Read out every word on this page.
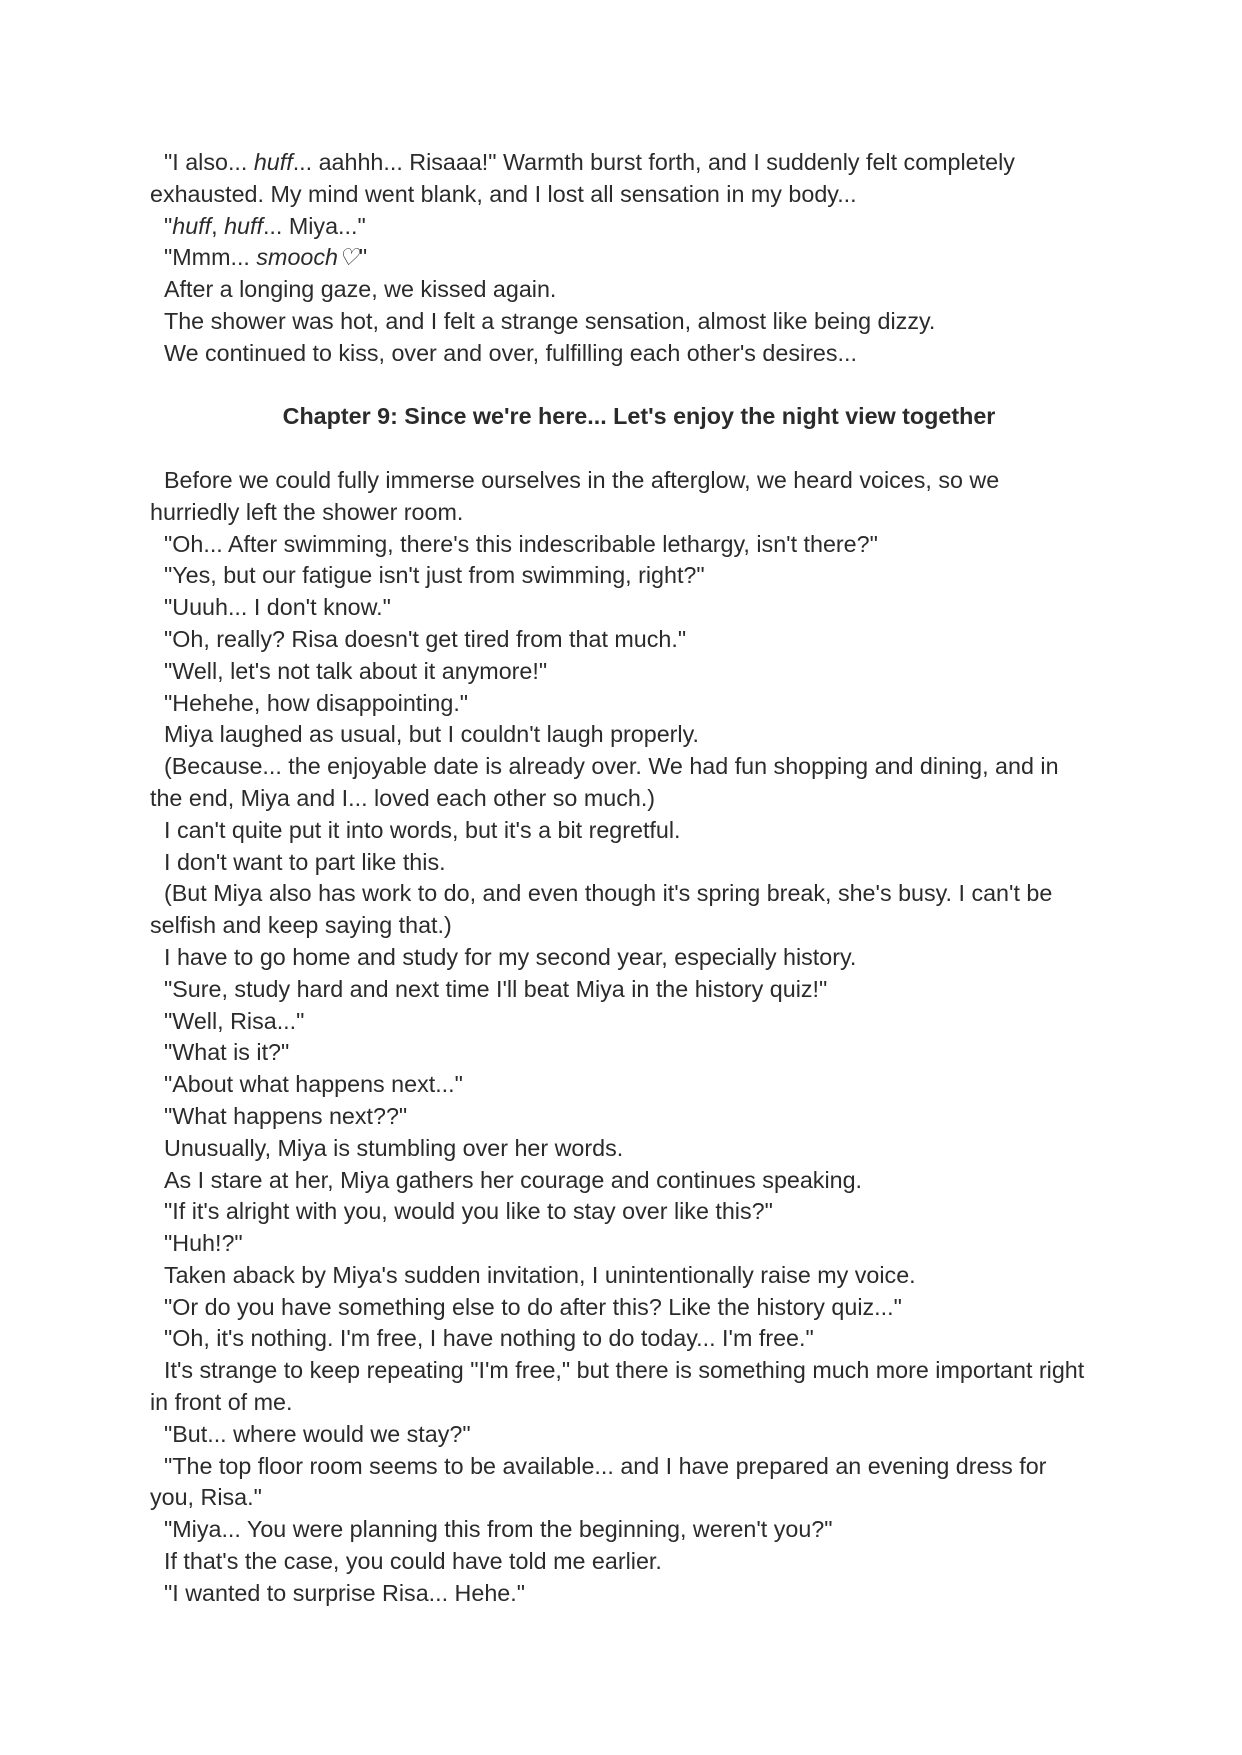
"I also... huff... aahhh... Risaaa!" Warmth burst forth, and I suddenly felt completely exhausted. My mind went blank, and I lost all sensation in my body...

"huff, huff... Miya..."

"Mmm... smooch♡"

After a longing gaze, we kissed again.

The shower was hot, and I felt a strange sensation, almost like being dizzy.

We continued to kiss, over and over, fulfilling each other's desires...

Chapter 9: Since we're here... Let's enjoy the night view together

Before we could fully immerse ourselves in the afterglow, we heard voices, so we hurriedly left the shower room.

"Oh... After swimming, there's this indescribable lethargy, isn't there?"

"Yes, but our fatigue isn't just from swimming, right?"

"Uuuh... I don't know."

"Oh, really? Risa doesn't get tired from that much."

"Well, let's not talk about it anymore!"

"Hehehe, how disappointing."

Miya laughed as usual, but I couldn't laugh properly.

(Because... the enjoyable date is already over. We had fun shopping and dining, and in the end, Miya and I... loved each other so much.)

I can't quite put it into words, but it's a bit regretful.

I don't want to part like this.

(But Miya also has work to do, and even though it's spring break, she's busy. I can't be selfish and keep saying that.)

I have to go home and study for my second year, especially history.

"Sure, study hard and next time I'll beat Miya in the history quiz!"

"Well, Risa..."

"What is it?"

"About what happens next..."

"What happens next??"

Unusually, Miya is stumbling over her words.

As I stare at her, Miya gathers her courage and continues speaking.

"If it's alright with you, would you like to stay over like this?"

"Huh!?"

Taken aback by Miya's sudden invitation, I unintentionally raise my voice.

"Or do you have something else to do after this? Like the history quiz..."

"Oh, it's nothing. I'm free, I have nothing to do today... I'm free."

It's strange to keep repeating "I'm free," but there is something much more important right in front of me.

"But... where would we stay?"

"The top floor room seems to be available... and I have prepared an evening dress for you, Risa."

"Miya... You were planning this from the beginning, weren't you?"

If that's the case, you could have told me earlier.

"I wanted to surprise Risa... Hehe."
